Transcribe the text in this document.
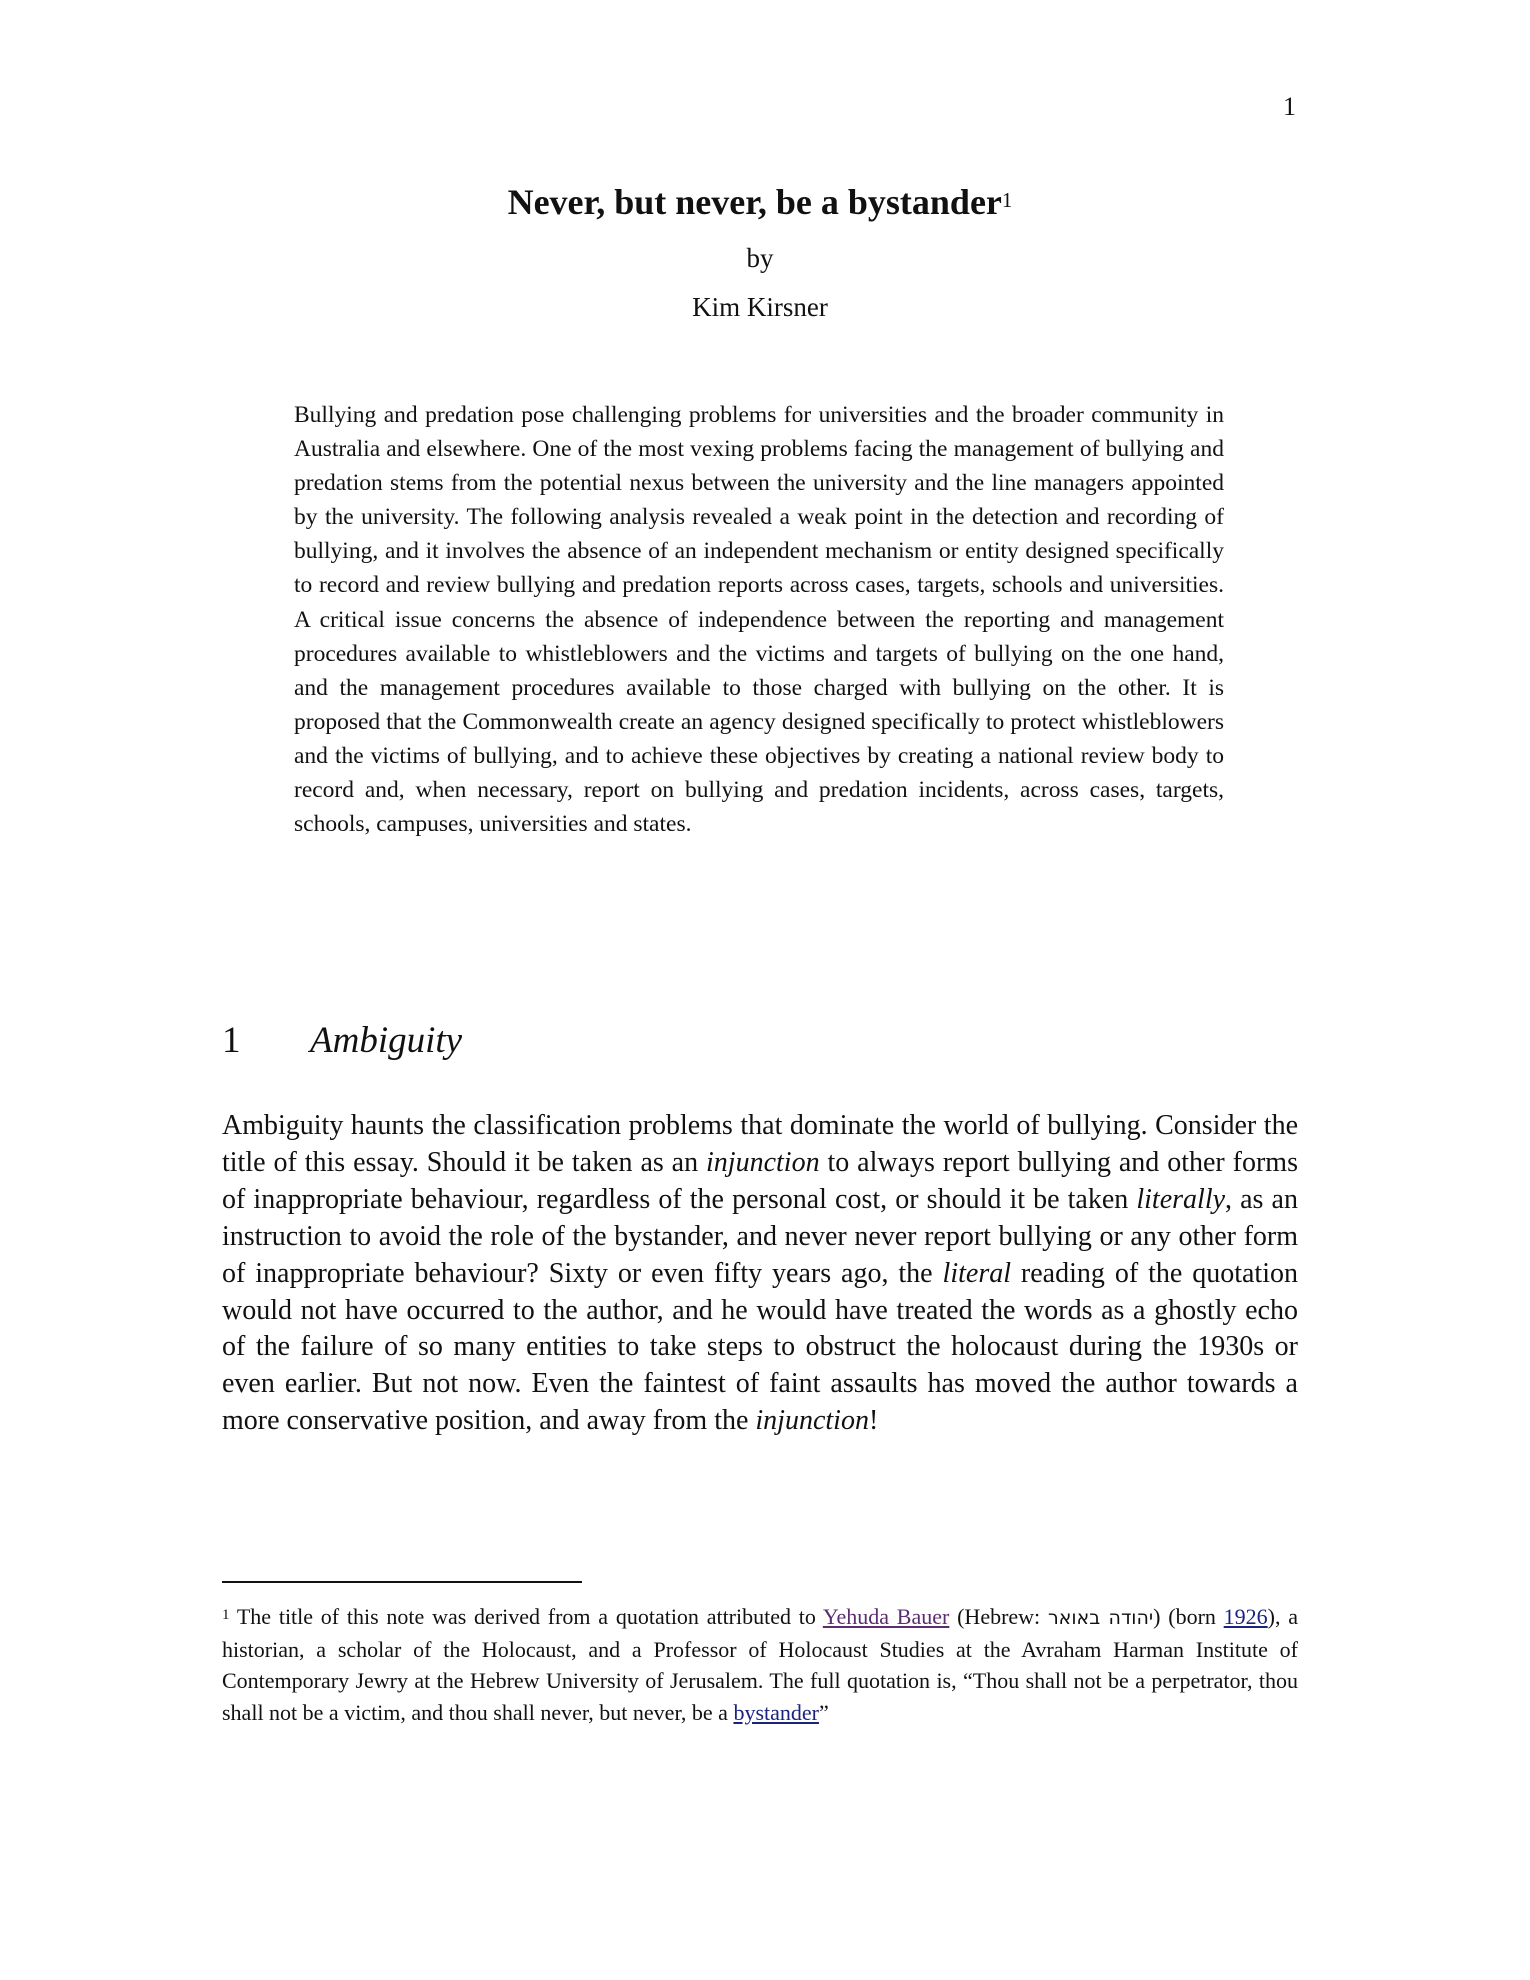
1
Never, but never, be a bystander$^1$
by
Kim Kirsner
Bullying and predation pose challenging problems for universities and the broader community in Australia and elsewhere. One of the most vexing problems facing the management of bullying and predation stems from the potential nexus between the university and the line managers appointed by the university. The following analysis revealed a weak point in the detection and recording of bullying, and it involves the absence of an independent mechanism or entity designed specifically to record and review bullying and predation reports across cases, targets, schools and universities. A critical issue concerns the absence of independence between the reporting and management procedures available to whistleblowers and the victims and targets of bullying on the one hand, and the management procedures available to those charged with bullying on the other. It is proposed that the Commonwealth create an agency designed specifically to protect whistleblowers and the victims of bullying, and to achieve these objectives by creating a national review body to record and, when necessary, report on bullying and predation incidents, across cases, targets, schools, campuses, universities and states.
1 Ambiguity
Ambiguity haunts the classification problems that dominate the world of bullying. Consider the title of this essay. Should it be taken as an injunction to always report bullying and other forms of inappropriate behaviour, regardless of the personal cost, or should it be taken literally, as an instruction to avoid the role of the bystander, and never never report bullying or any other form of inappropriate behaviour? Sixty or even fifty years ago, the literal reading of the quotation would not have occurred to the author, and he would have treated the words as a ghostly echo of the failure of so many entities to take steps to obstruct the holocaust during the 1930s or even earlier. But not now. Even the faintest of faint assaults has moved the author towards a more conservative position, and away from the injunction!
$^1$ The title of this note was derived from a quotation attributed to Yehuda Bauer (Hebrew: יהודה באואר) (born 1926), a historian, a scholar of the Holocaust, and a Professor of Holocaust Studies at the Avraham Harman Institute of Contemporary Jewry at the Hebrew University of Jerusalem. The full quotation is, “Thou shall not be a perpetrator, thou shall not be a victim, and thou shall never, but never, be a bystander”
